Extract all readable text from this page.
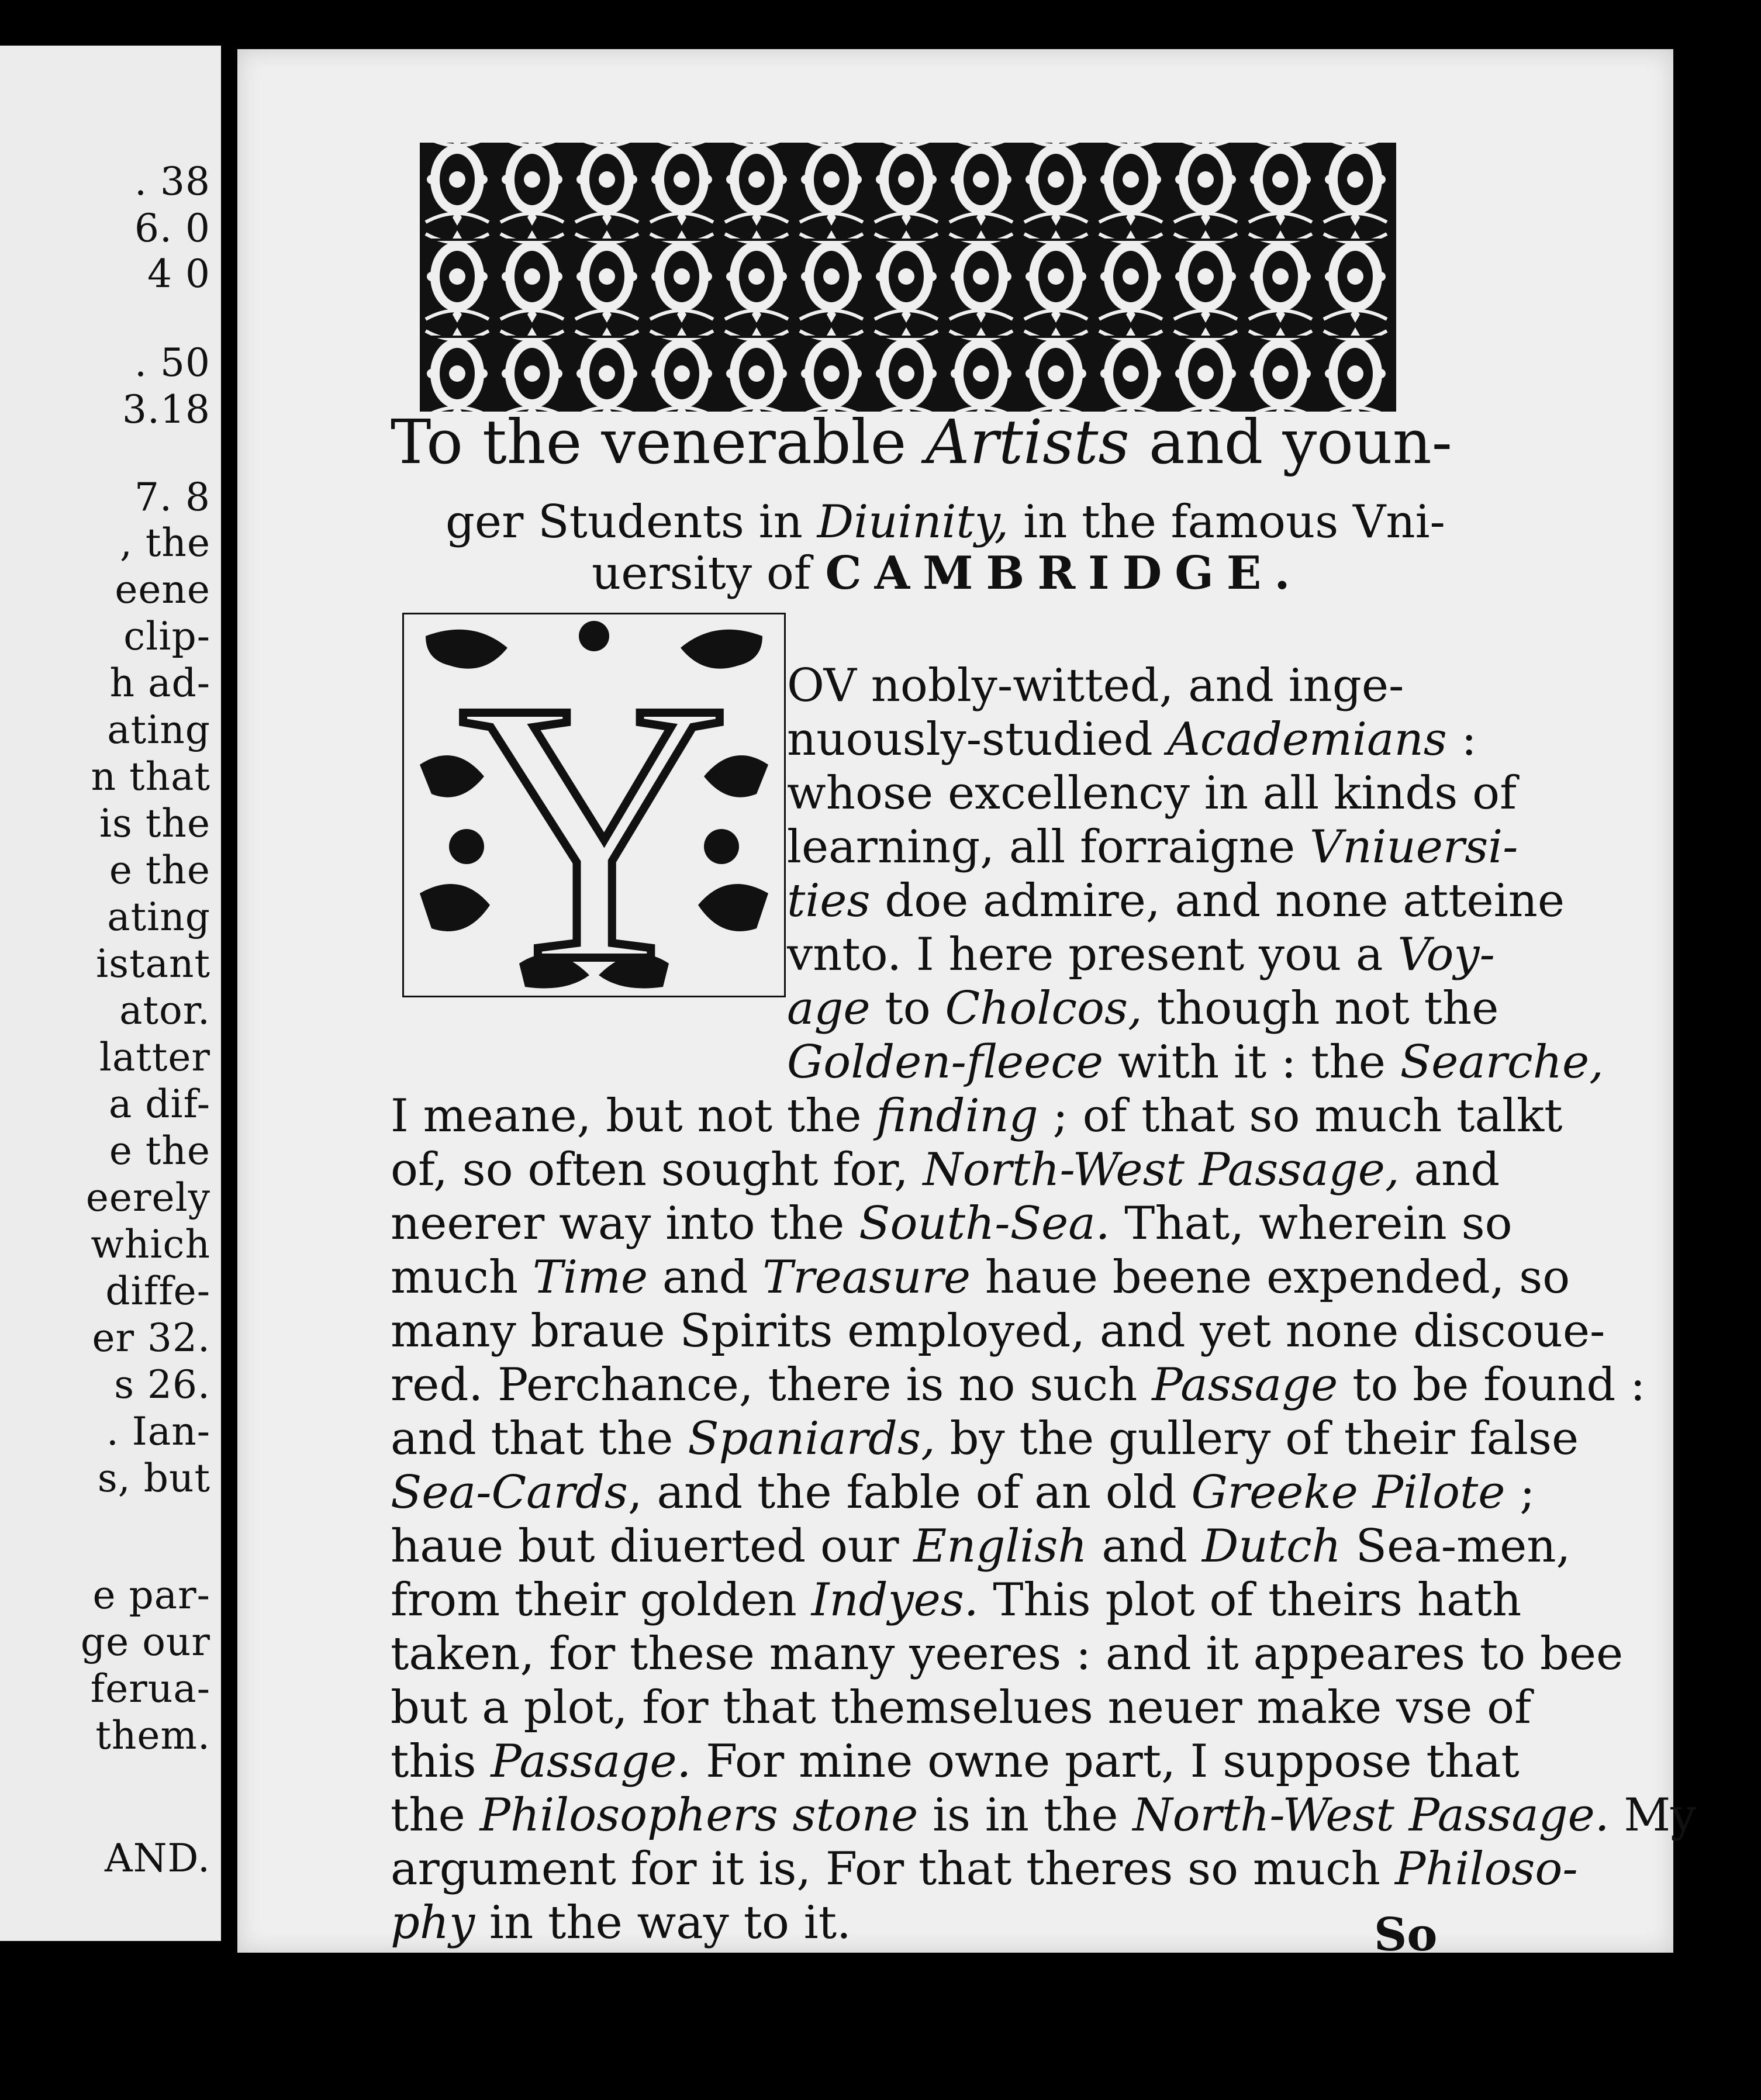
. 38
6. 0
4 0
. 50
3.18
7. 8
, the
eene
clip-
h ad-
ating
n that
is the
e the
ating
istant
ator.
latter
a dif-
e the
eerely
which
diffe-
er 32.
s 26.
. Ian-
s, but
e par-
ge our
ferua-
them.
AND.
To the venerable Artists and youn-
ger Students in Diuinity, in the famous Vni-
uersity of CAMBRIDGE.
Y OV nobly-witted, and inge-
nuously-studied Academians :
whose excellency in all kinds of
learning, all forraigne Vniuersi-
ties doe admire, and none atteine
vnto. I here present you a Voy-
age to Cholcos, though not the
Golden-fleece with it : the Searche,
I meane, but not the finding ; of that so much talkt
of, so often sought for, North-West Passage, and
neerer way into the South-Sea. That, wherein so
much Time and Treasure haue beene expended, so
many braue Spirits employed, and yet none discoue-
red. Perchance, there is no such Passage to be found :
and that the Spaniards, by the gullery of their false
Sea-Cards, and the fable of an old Greeke Pilote ;
haue but diuerted our English and Dutch Sea-men,
from their golden Indyes. This plot of theirs hath
taken, for these many yeeres : and it appeares to bee
but a plot, for that themselues neuer make vse of
this Passage. For mine owne part, I suppose that
the Philosophers stone is in the North-West Passage. My
argument for it is, For that theres so much Philoso-
phy in the way to it.	So
